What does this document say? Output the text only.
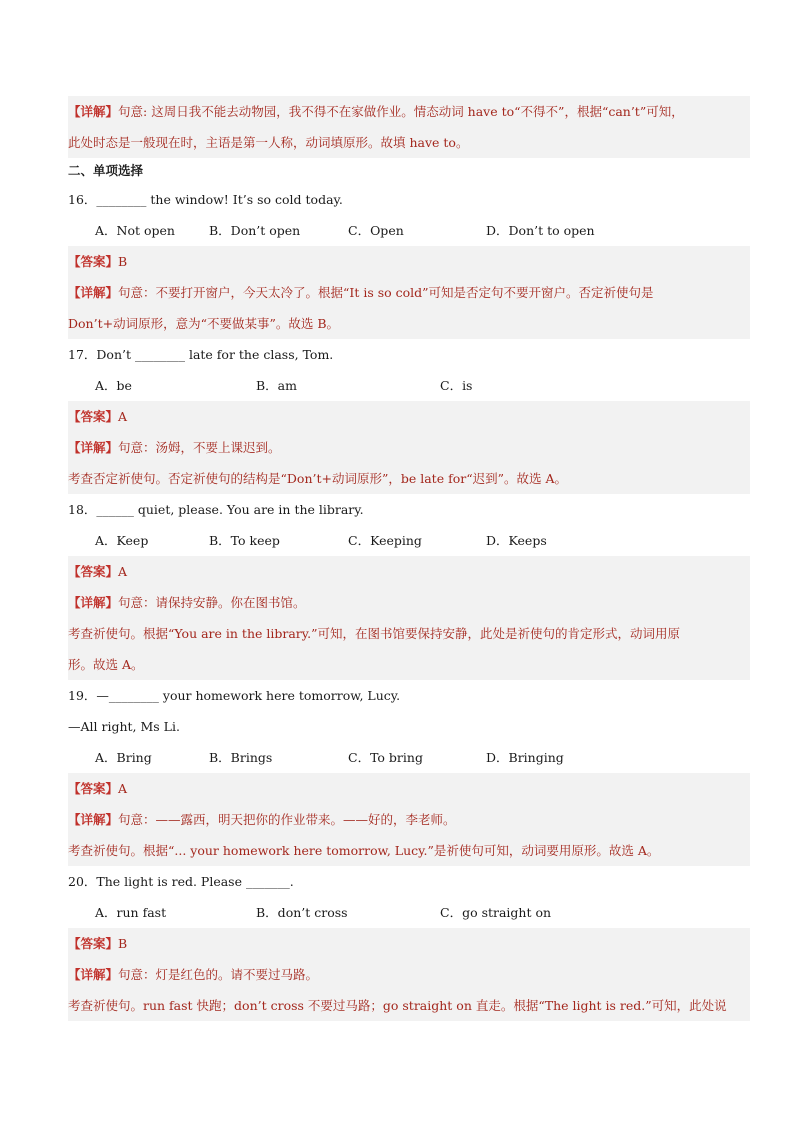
【详解】句意: 这周日我不能去动物园，我不得不在家做作业。情态动词 have to“不得不”，根据“can’t”可知，
此处时态是一般现在时，主语是第一人称，动词填原形。故填 have to。
二、单项选择
16．________ the window! It’s so cold today.
A．Not open	B．Don’t open	C．Open	D．Don’t to open
【答案】B
【详解】句意：不要打开窗户，今天太冷了。根据“It is so cold”可知是否定句不要开窗户。否定祈使句是
Don’t+动词原形，意为“不要做某事”。故选 B。
17．Don’t ________ late for the class, Tom.
A．be	B．am	C．is
【答案】A
【详解】句意：汤姆，不要上课迟到。
考查否定祈使句。否定祈使句的结构是“Don’t+动词原形”，be late for“迟到”。故选 A。
18．______ quiet, please. You are in the library.
A．Keep	B．To keep	C．Keeping	D．Keeps
【答案】A
【详解】句意：请保持安静。你在图书馆。
考查祈使句。根据“You are in the library.”可知，在图书馆要保持安静，此处是祈使句的肯定形式，动词用原
形。故选 A。
19．—________ your homework here tomorrow, Lucy.
—All right, Ms Li.
A．Bring	B．Brings	C．To bring	D．Bringing
【答案】A
【详解】句意：——露西，明天把你的作业带来。——好的，李老师。
考查祈使句。根据“... your homework here tomorrow, Lucy.”是祈使句可知，动词要用原形。故选 A。
20．The light is red. Please _______.
A．run fast	B．don’t cross	C．go straight on
【答案】B
【详解】句意：灯是红色的。请不要过马路。
考查祈使句。run fast 快跑；don’t cross 不要过马路；go straight on 直走。根据“The light is red.”可知，此处说
